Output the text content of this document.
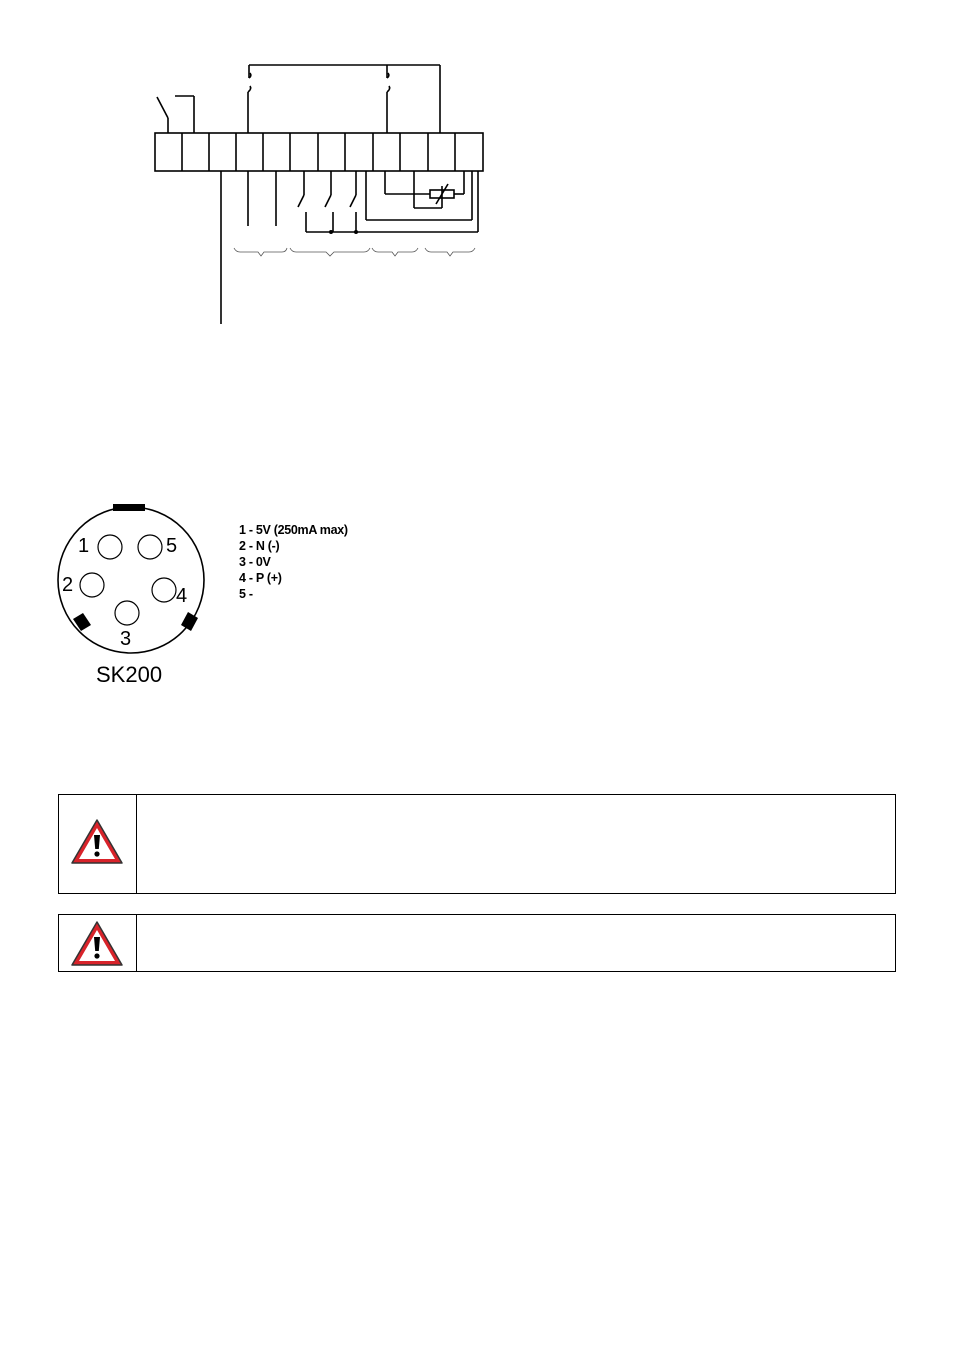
1
2
3
4
5
SK200
1 - 5V (250mA max)
2 - N (-)
3 - 0V
4 - P (+)
5 -
